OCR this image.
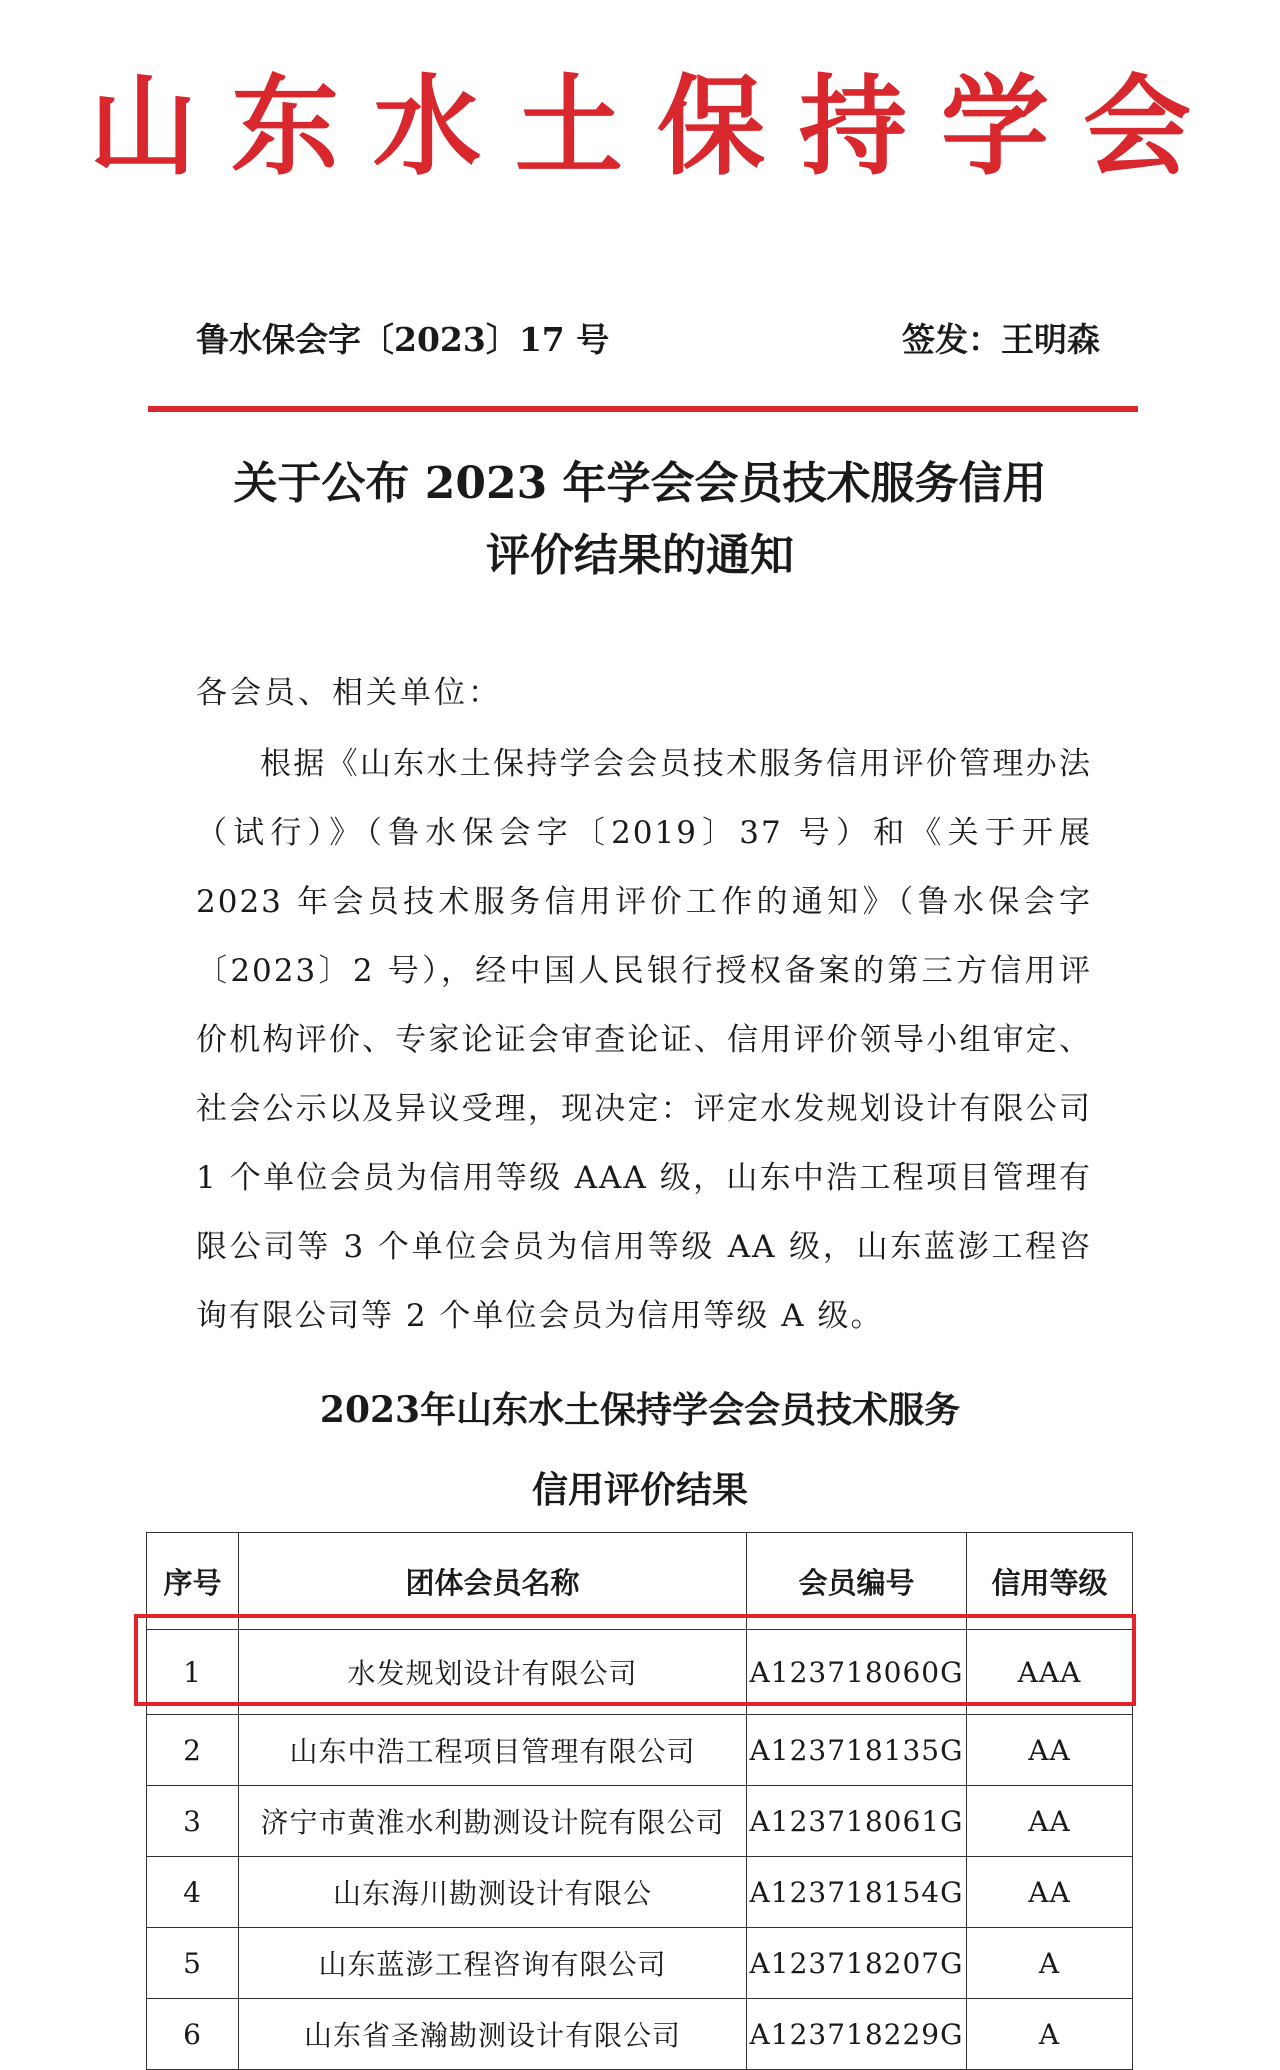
山东水土保持学会
鲁水保会字〔2023〕17 号	签发：王明森
关于公布 2023 年学会会员技术服务信用
评价结果的通知
各会员、相关单位：
根据《山东水土保持学会会员技术服务信用评价管理办法（试行）》（鲁水保会字〔2019〕37 号）和《关于开展 2023 年会员技术服务信用评价工作的通知》（鲁水保会字〔2023〕2 号），经中国人民银行授权备案的第三方信用评价机构评价、专家论证会审查论证、信用评价领导小组审定、社会公示以及异议受理，现决定：评定水发规划设计有限公司 1 个单位会员为信用等级 AAA 级，山东中浩工程项目管理有限公司等 3 个单位会员为信用等级 AA 级，山东蓝澎工程咨询有限公司等 2 个单位会员为信用等级 A 级。
2023年山东水土保持学会会员技术服务
信用评价结果
序号	团体会员名称	会员编号	信用等级
1	水发规划设计有限公司	A123718060G	AAA
2	山东中浩工程项目管理有限公司	A123718135G	AA
3	济宁市黄淮水利勘测设计院有限公司	A123718061G	AA
4	山东海川勘测设计有限公	A123718154G	AA
5	山东蓝澎工程咨询有限公司	A123718207G	A
6	山东省圣瀚勘测设计有限公司	A123718229G	A
